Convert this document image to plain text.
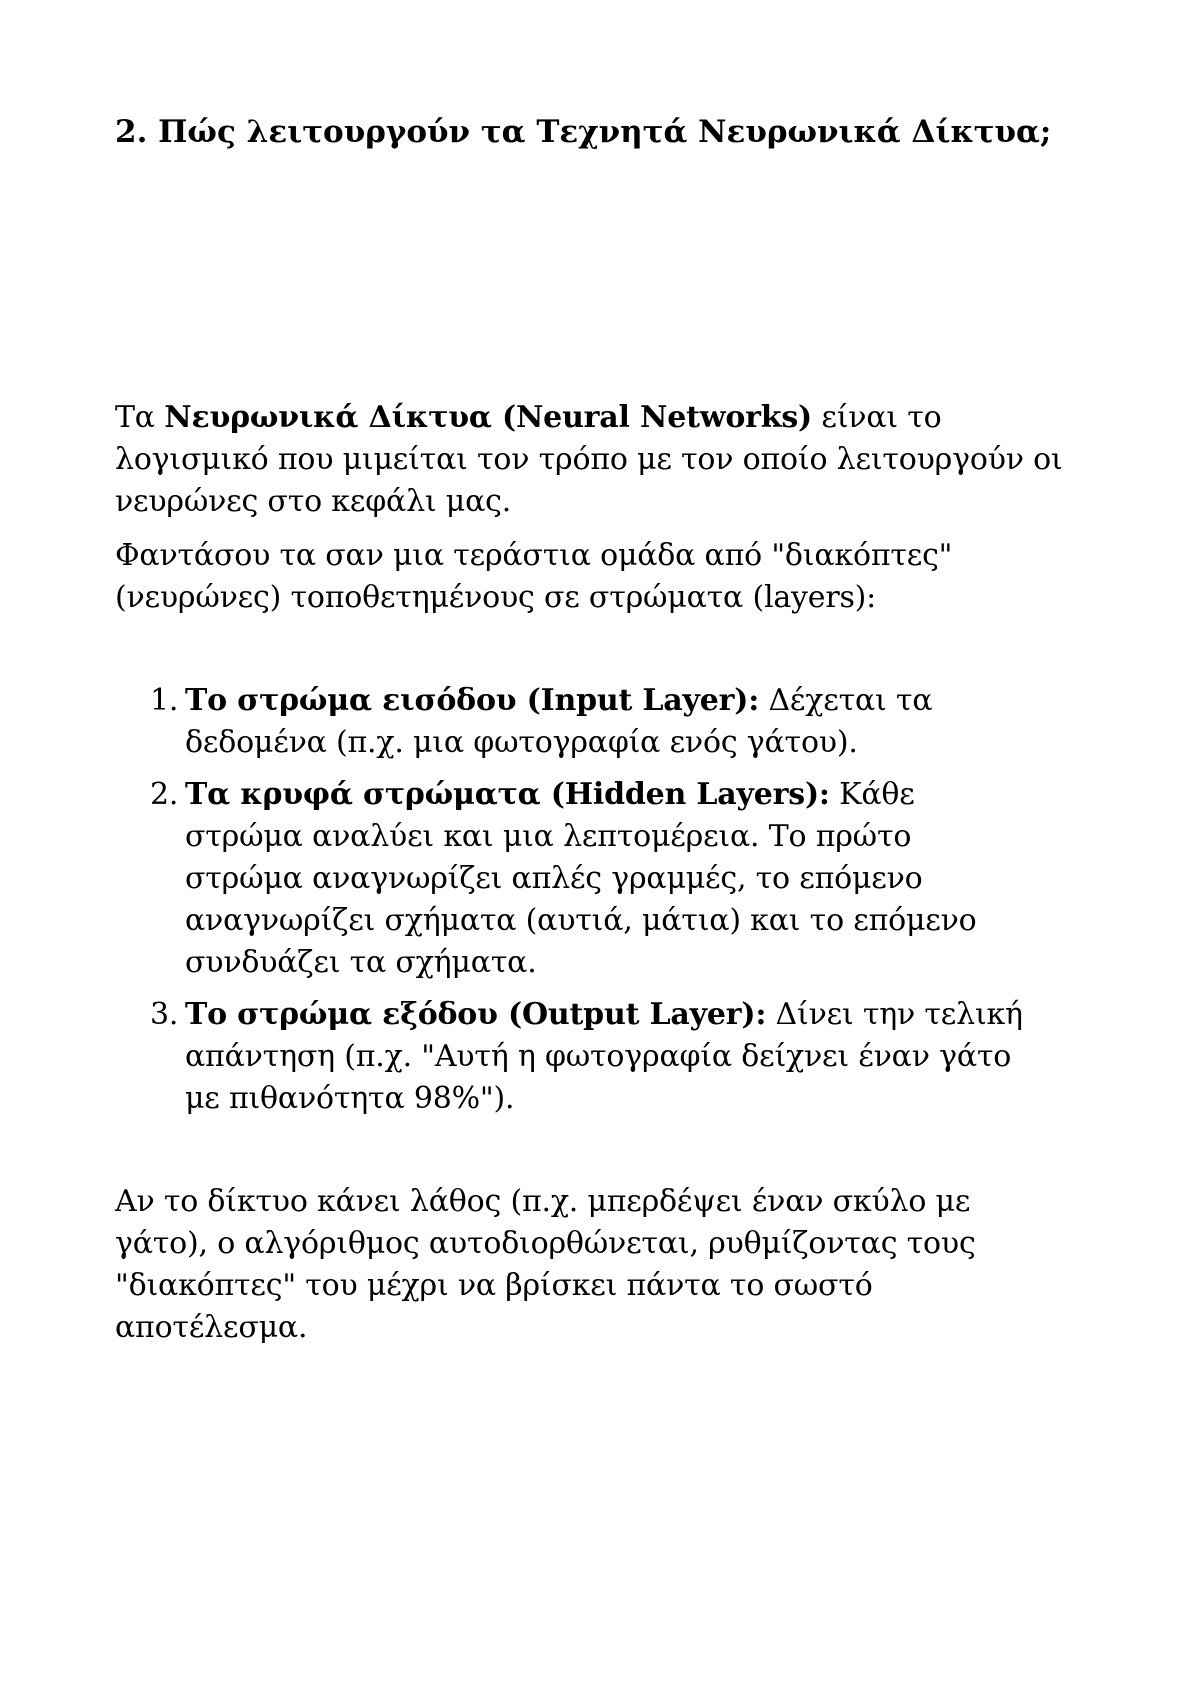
2. Πώς λειτουργούν τα Τεχνητά Νευρωνικά Δίκτυα;

Τα Νευρωνικά Δίκτυα (Neural Networks) είναι το λογισμικό που μιμείται τον τρόπο με τον οποίο λειτουργούν οι νευρώνες στο κεφάλι μας.

Φαντάσου τα σαν μια τεράστια ομάδα από "διακόπτες" (νευρώνες) τοποθετημένους σε στρώματα (layers):

1. Το στρώμα εισόδου (Input Layer): Δέχεται τα δεδομένα (π.χ. μια φωτογραφία ενός γάτου).
2. Τα κρυφά στρώματα (Hidden Layers): Κάθε στρώμα αναλύει και μια λεπτομέρεια. Το πρώτο στρώμα αναγνωρίζει απλές γραμμές, το επόμενο αναγνωρίζει σχήματα (αυτιά, μάτια) και το επόμενο συνδυάζει τα σχήματα.
3. Το στρώμα εξόδου (Output Layer): Δίνει την τελική απάντηση (π.χ. "Αυτή η φωτογραφία δείχνει έναν γάτο με πιθανότητα 98%").

Αν το δίκτυο κάνει λάθος (π.χ. μπερδέψει έναν σκύλο με γάτο), ο αλγόριθμος αυτοδιορθώνεται, ρυθμίζοντας τους "διακόπτες" του μέχρι να βρίσκει πάντα το σωστό αποτέλεσμα.
